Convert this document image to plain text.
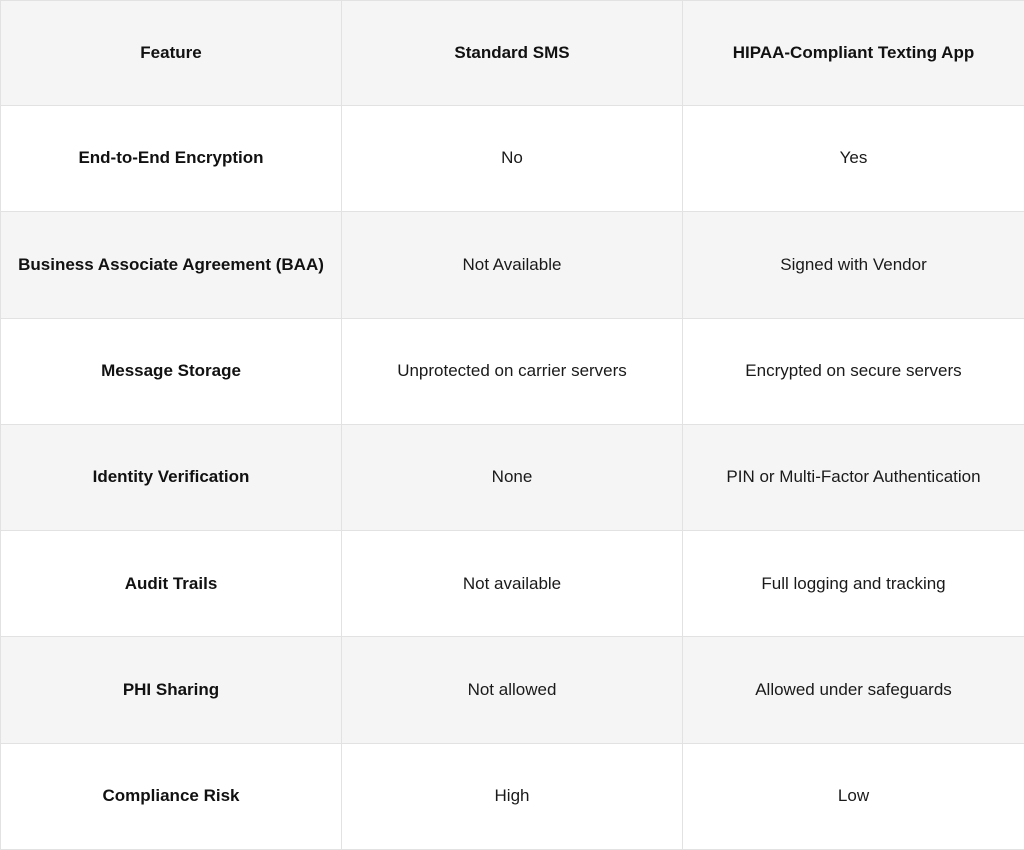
Feature	Standard SMS	HIPAA-Compliant Texting App
End-to-End Encryption	No	Yes
Business Associate Agreement (BAA)	Not Available	Signed with Vendor
Message Storage	Unprotected on carrier servers	Encrypted on secure servers
Identity Verification	None	PIN or Multi-Factor Authentication
Audit Trails	Not available	Full logging and tracking
PHI Sharing	Not allowed	Allowed under safeguards
Compliance Risk	High	Low
